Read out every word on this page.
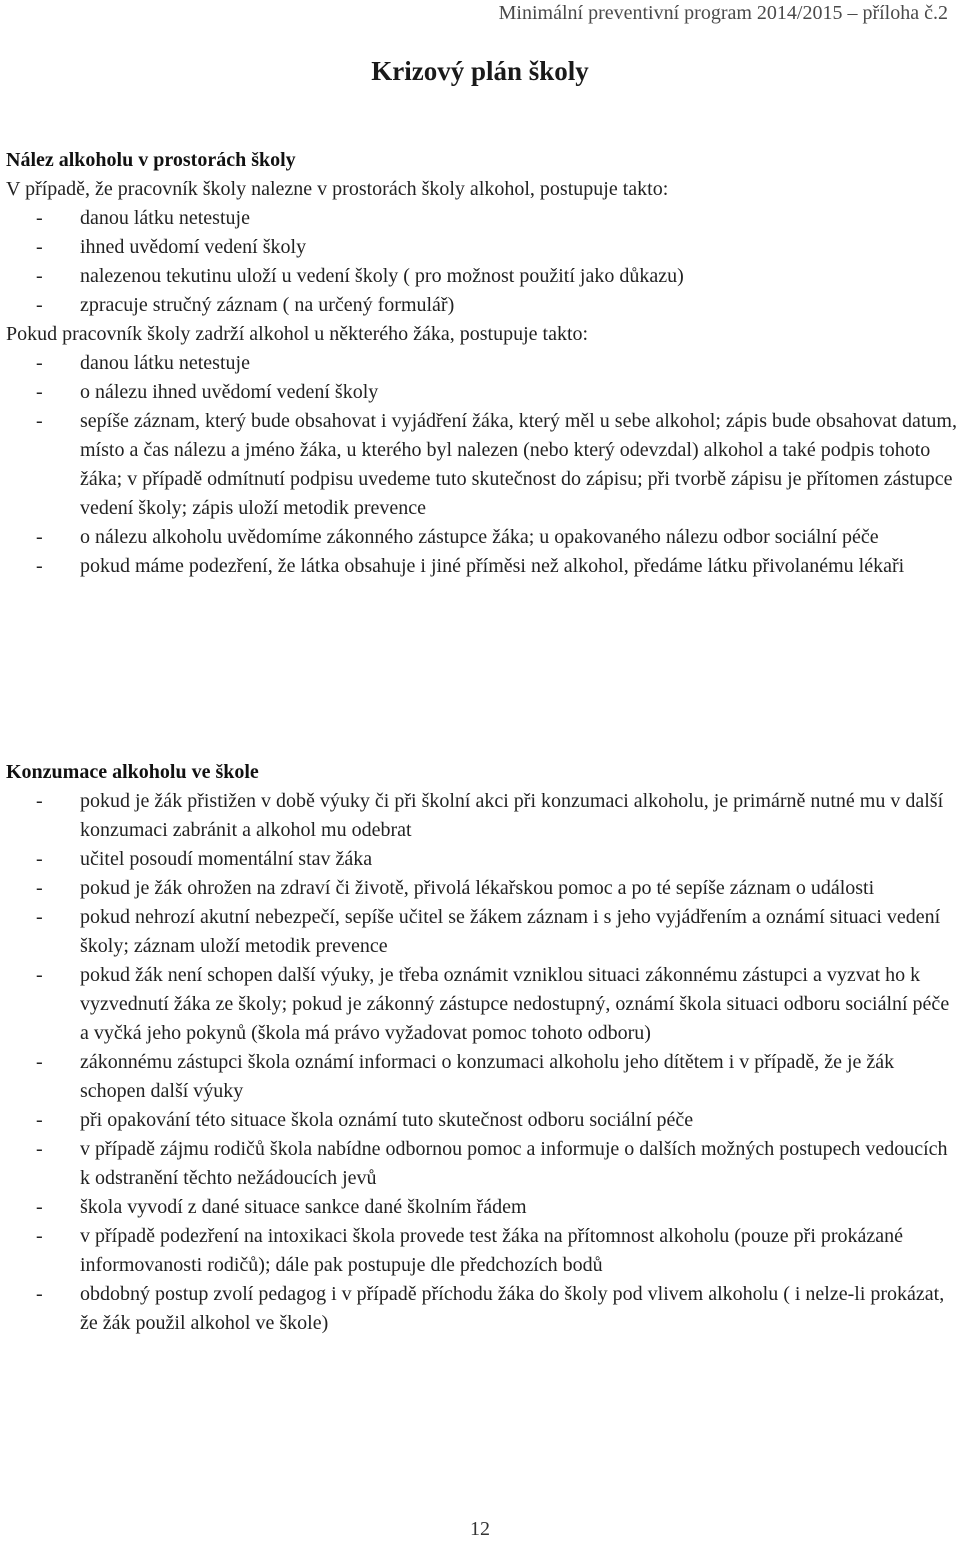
Minimální preventivní program 2014/2015 – příloha č.2
Krizový plán školy
Nález alkoholu v prostorách školy
V případě, že pracovník školy nalezne v prostorách školy alkohol, postupuje takto:
- danou látku netestuje
- ihned uvědomí vedení školy
- nalezenou tekutinu uloží u vedení školy ( pro možnost použití jako důkazu)
- zpracuje stručný záznam ( na určený formulář)
Pokud pracovník školy zadrží alkohol u některého žáka, postupuje takto:
- danou látku netestuje
- o nálezu ihned uvědomí vedení školy
- sepíše záznam, který bude obsahovat i vyjádření žáka, který měl u sebe alkohol; zápis bude obsahovat datum, místo a čas nálezu a jméno žáka, u kterého byl nalezen (nebo který odevzdal) alkohol a také podpis tohoto žáka; v případě odmítnutí podpisu uvedeme tuto skutečnost do zápisu; při tvorbě zápisu je přítomen zástupce vedení školy; zápis uloží metodik prevence
- o nálezu alkoholu uvědomíme zákonného zástupce žáka; u opakovaného nálezu odbor sociální péče
- pokud máme podezření, že látka obsahuje i jiné příměsi než alkohol, předáme látku přivolanému lékaři
Konzumace alkoholu ve škole
- pokud je žák přistižen v době výuky či při školní akci při konzumaci alkoholu, je primárně nutné mu v další konzumaci zabránit a alkohol mu odebrat
- učitel posoudí momentální stav žáka
- pokud je žák ohrožen na zdraví či životě, přivolá lékařskou pomoc a po té sepíše záznam o události
- pokud nehrozí akutní nebezpečí, sepíše učitel se žákem záznam i s jeho vyjádřením a oznámí situaci vedení školy; záznam uloží metodik prevence
- pokud žák není schopen další výuky, je třeba oznámit vzniklou situaci zákonnému zástupci a vyzvat ho k vyzvednutí žáka ze školy; pokud je zákonný zástupce nedostupný, oznámí škola situaci odboru sociální péče a vyčká jeho pokynů (škola má právo vyžadovat pomoc tohoto odboru)
- zákonnému zástupci škola oznámí informaci o konzumaci alkoholu jeho dítětem i v případě, že je žák schopen další výuky
- při opakování této situace škola oznámí tuto skutečnost odboru sociální péče
- v případě zájmu rodičů škola nabídne odbornou pomoc a informuje o dalších možných postupech vedoucích k odstranění těchto nežádoucích jevů
- škola vyvodí z dané situace sankce dané školním řádem
- v případě podezření na intoxikaci škola provede test žáka na přítomnost alkoholu (pouze při prokázané informovanosti rodičů); dále pak postupuje dle předchozích bodů
- obdobný postup zvolí pedagog i v případě příchodu žáka do školy pod vlivem alkoholu ( i nelze-li prokázat, že žák použil alkohol ve škole)
12
